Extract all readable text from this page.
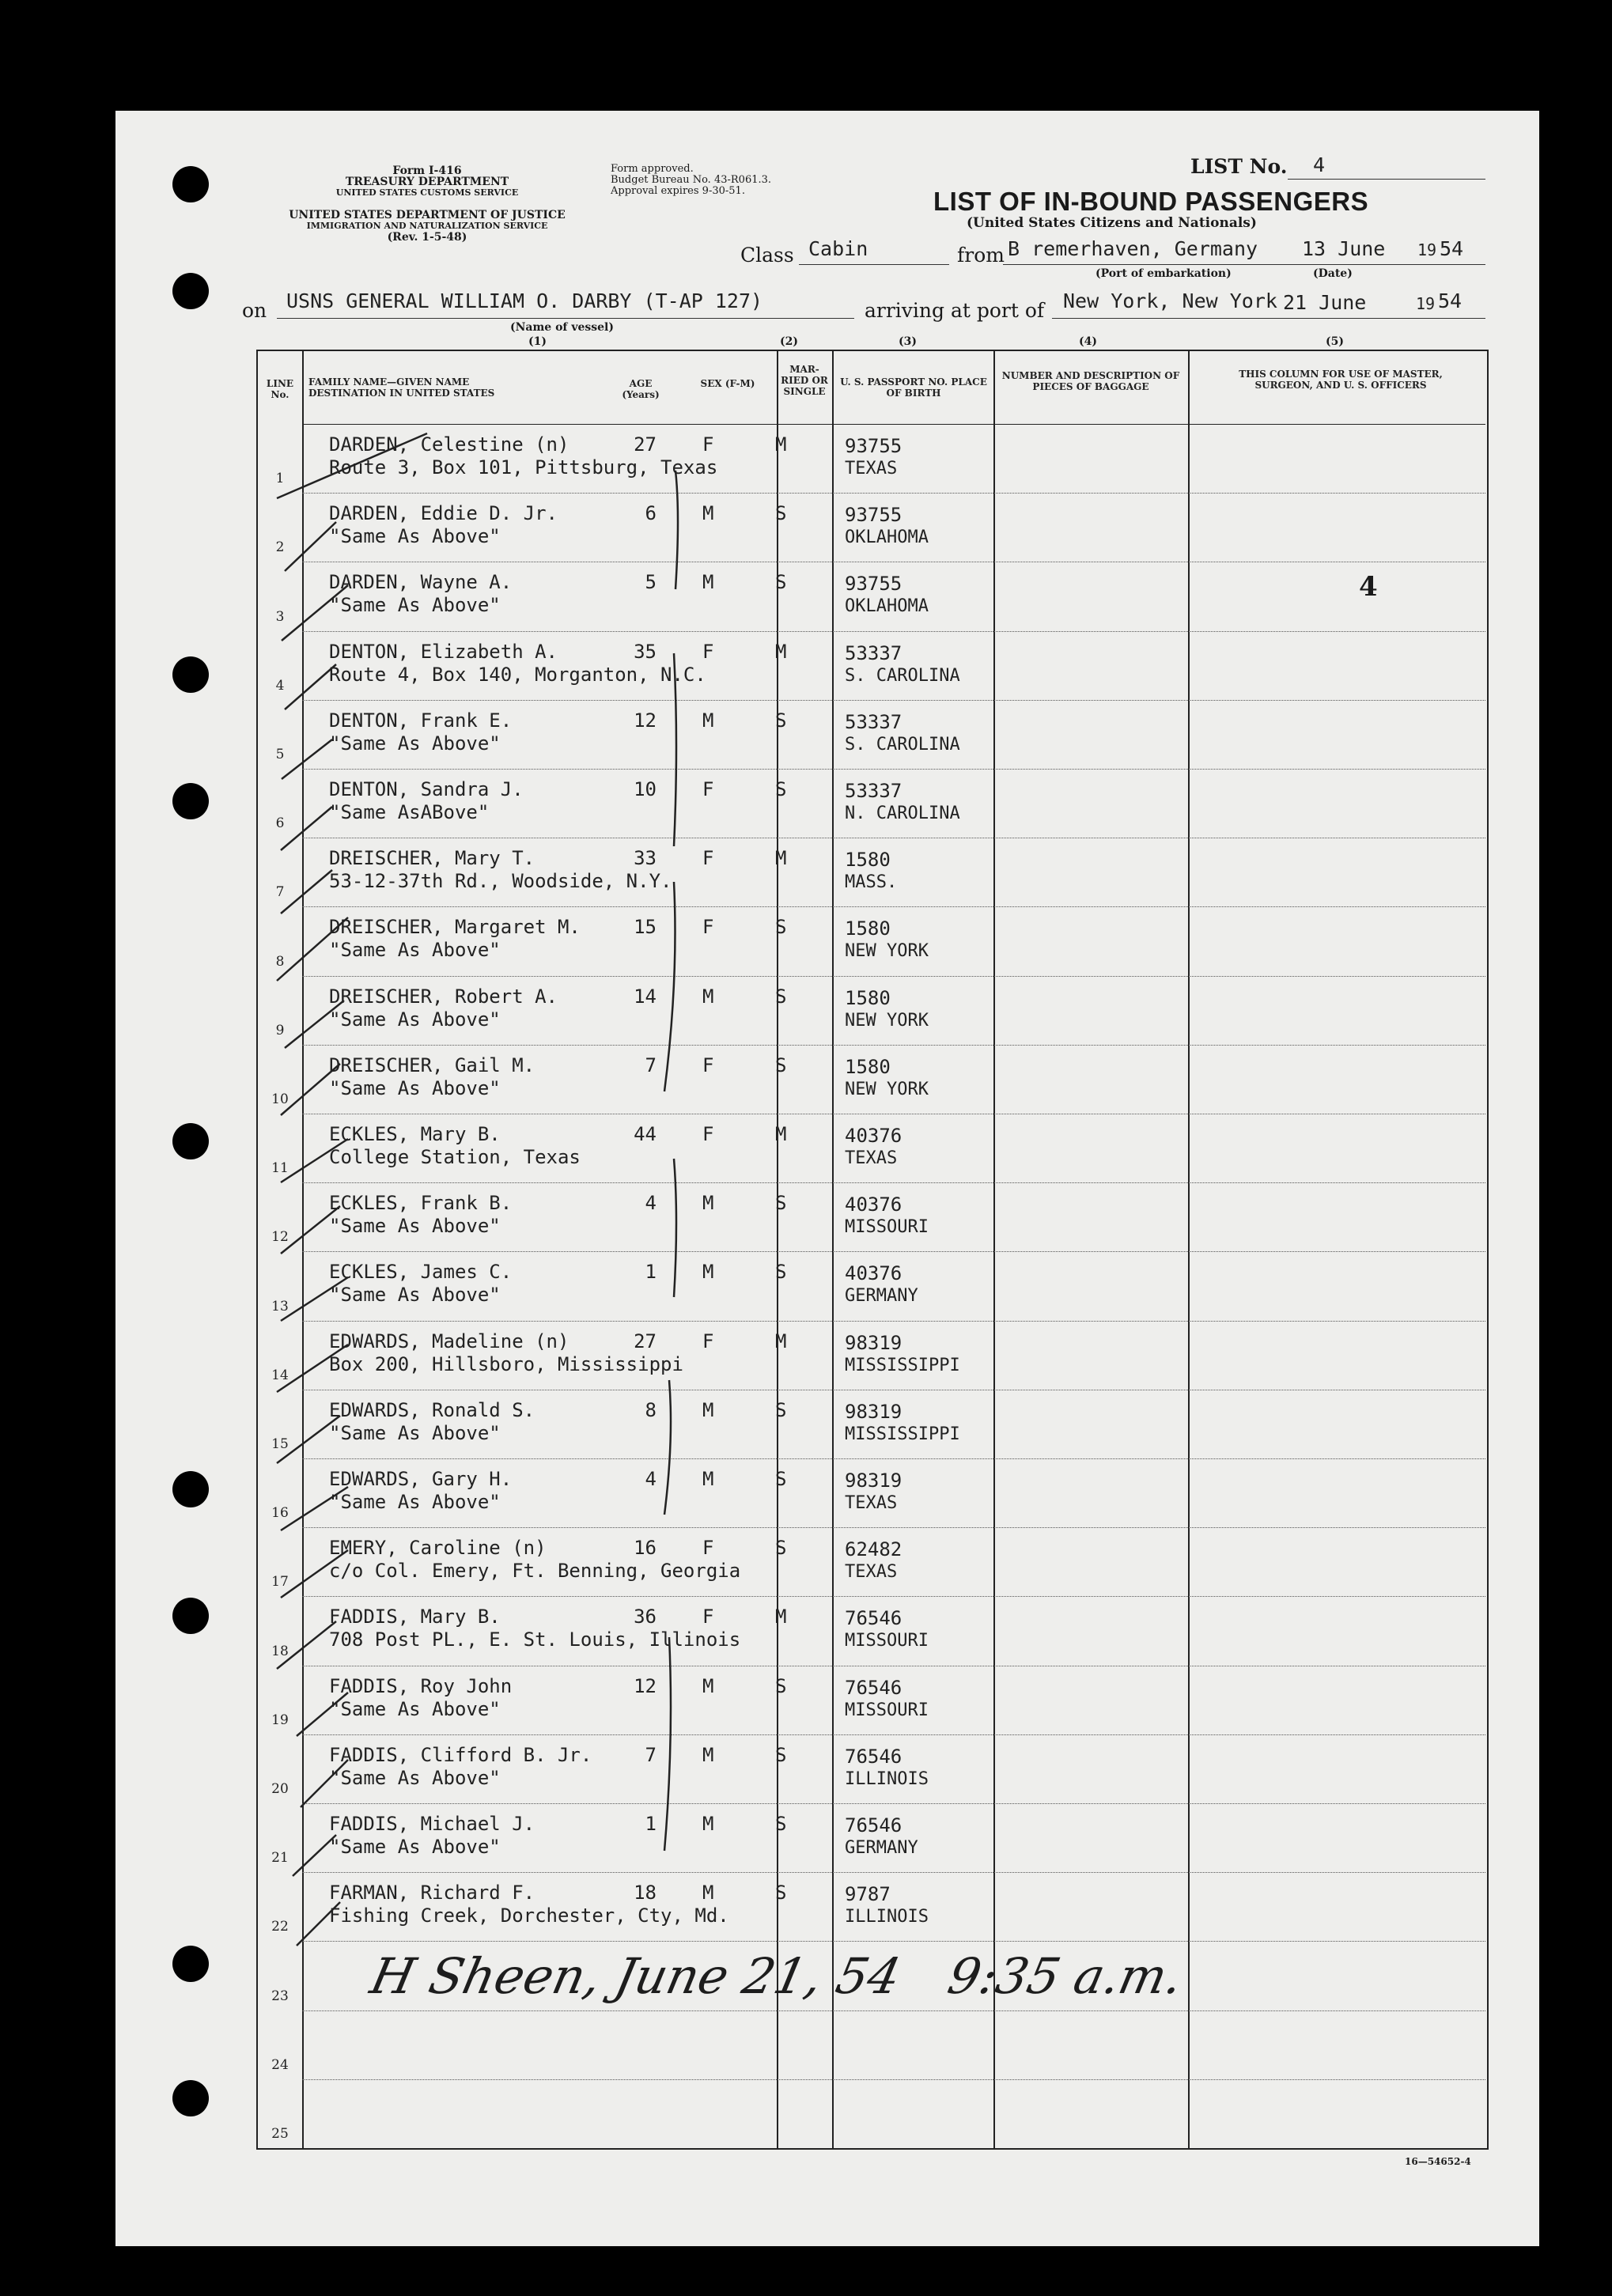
Form I-416
TREASURY DEPARTMENT
UNITED STATES CUSTOMS SERVICE
UNITED STATES DEPARTMENT OF JUSTICE
IMMIGRATION AND NATURALIZATION SERVICE
(Rev. 1-5-48)
Form approved.
Budget Bureau No. 43-R061.3.
Approval expires 9-30-51.
LIST No. 4
LIST OF IN-BOUND PASSENGERS
(United States Citizens and Nationals)
Class Cabin	from B remerhaven, Germany 13 June 19 54
(Port of embarkation)	(Date)
on USNS GENERAL WILLIAM O. DARBY (T-AP 127)
(Name of vessel)
(1)
arriving at port of New York, New York 21 June	19 54
(2)	(3)	(4)	(5)
LINE No.
FAMILY NAME—GIVEN NAME DESTINATION IN UNITED STATES
AGE (Years)
SEX (F-M)
MAR-RIED OR SINGLE
U. S. PASSPORT NO. PLACE OF BIRTH
NUMBER AND DESCRIPTION OF PIECES OF BAGGAGE
THIS COLUMN FOR USE OF MASTER, SURGEON, AND U. S. OFFICERS
1
DARDEN, Celestine (n)
Route 3, Box 101, Pittsburg, Texas
27 F	M	93755
TEXAS
2
DARDEN, Eddie D. Jr.
"Same As Above"
6 M	S	93755
OKLAHOMA
3
DARDEN, Wayne A.
"Same As Above"
5 M	S	93755
OKLAHOMA
4
DENTON, Elizabeth A.
Route 4, Box 140, Morganton, N.C.
35 F	M	53337
S. CAROLINA
5
DENTON, Frank E.
"Same As Above"
12 M	S	53337
S. CAROLINA
6
DENTON, Sandra J.
"Same AsABove"
10 F	S	53337
N. CAROLINA
7
DREISCHER, Mary T.
53-12-37th Rd., Woodside, N.Y.
33 F	M	1580
MASS.
8
DREISCHER, Margaret M.
"Same As Above"
15 F	S	1580
NEW YORK
9
DREISCHER, Robert A.
"Same As Above"
14 M	S	1580
NEW YORK
10
DREISCHER, Gail M.
"Same As Above"
7 F	S	1580
NEW YORK
11
ECKLES, Mary B.
College Station, Texas
44 F	M	40376
TEXAS
12
ECKLES, Frank B.
"Same As Above"
4 M	S	40376
MISSOURI
13
ECKLES, James C.
"Same As Above"
1 M	S	40376
GERMANY
14
EDWARDS, Madeline (n)
Box 200, Hillsboro, Mississippi
27 F	M	98319
MISSISSIPPI
15
EDWARDS, Ronald S.
"Same As Above"
8 M	S	98319
MISSISSIPPI
16
EDWARDS, Gary H.
"Same As Above"
4 M	S	98319
TEXAS
17
EMERY, Caroline (n)
c/o Col. Emery, Ft. Benning, Georgia
16 F	S	62482
TEXAS
18
FADDIS, Mary B.
708 Post PL., E. St. Louis, Illinois
36 F	M	76546
MISSOURI
19
FADDIS, Roy John
"Same As Above"
12 M	S	76546
MISSOURI
20
FADDIS, Clifford B. Jr.
"Same As Above"
7 M	S	76546
ILLINOIS
21
FADDIS, Michael J.
"Same As Above"
1 M	S	76546
GERMANY
22
FARMAN, Richard F.
Fishing Creek, Dorchester, Cty, Md.
18 M	S	9787
ILLINOIS
23
24
25
4
H Sheen, June 21, 54 9:35 a.m.
16—54652-4
